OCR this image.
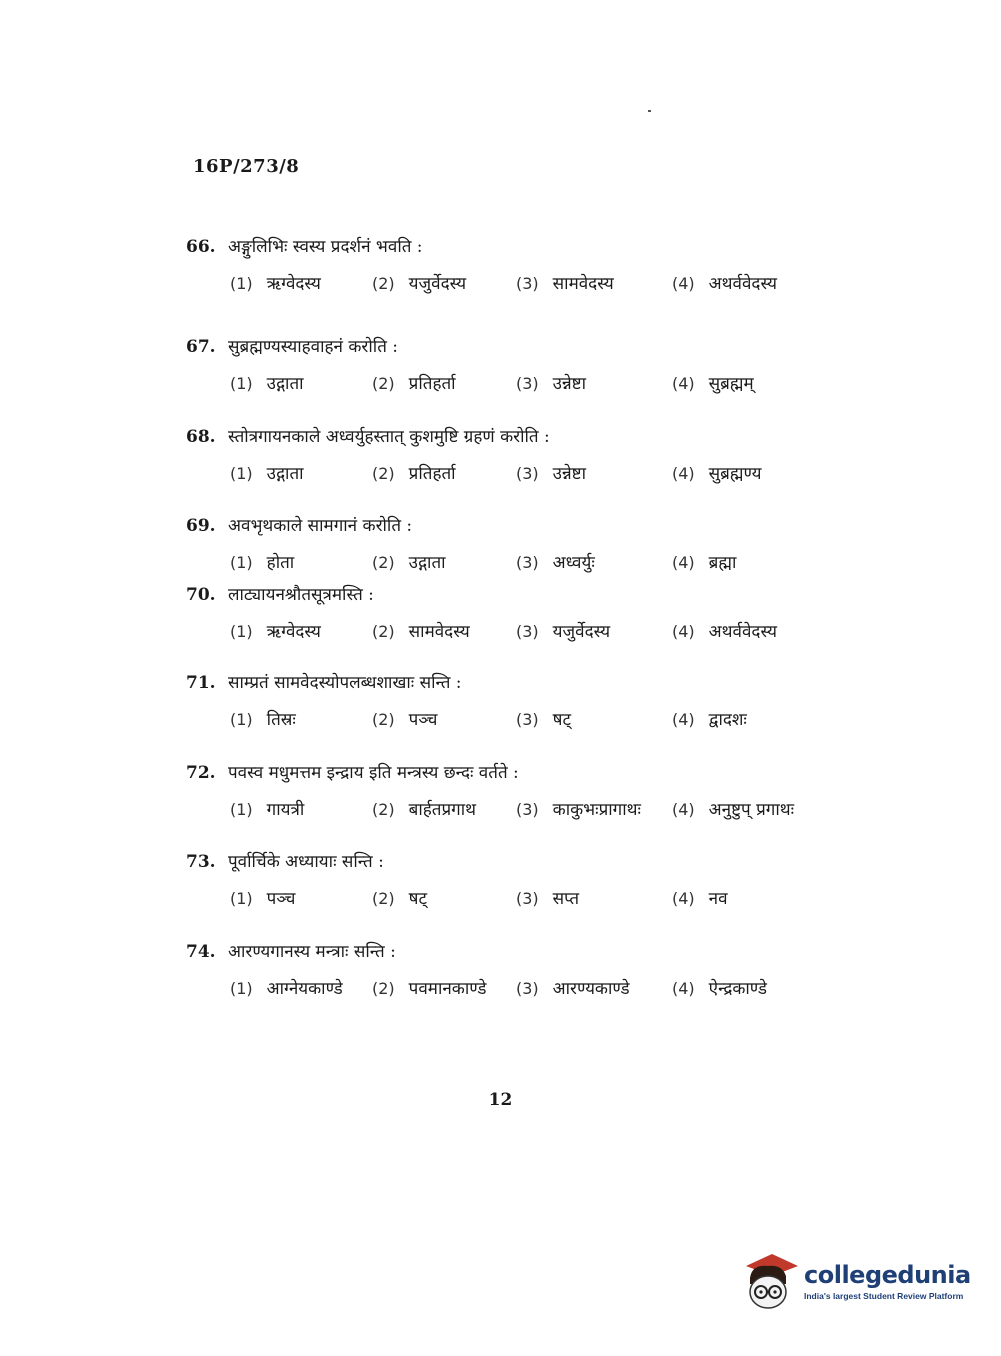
16P/273/8
66. अङ्गुलिभिः स्वस्य प्रदर्शनं भवति :
(1) ऋग्वेदस्य	(2) यजुर्वेदस्य	(3) सामवेदस्य	(4) अथर्ववेदस्य
67. सुब्रह्मण्यस्याहवाहनं करोति :
(1) उद्गाता	(2) प्रतिहर्ता	(3) उन्नेष्टा	(4) सुब्रह्मम्
68. स्तोत्रगायनकाले अध्वर्युहस्तात् कुशमुष्टि ग्रहणं करोति :
(1) उद्गाता	(2) प्रतिहर्ता	(3) उन्नेष्टा	(4) सुब्रह्मण्य
69. अवभृथकाले सामगानं करोति :
(1) होता	(2) उद्गाता	(3) अध्वर्युः	(4) ब्रह्मा
70. लाट्यायनश्रौतसूत्रमस्ति :
(1) ऋग्वेदस्य	(2) सामवेदस्य	(3) यजुर्वेदस्य	(4) अथर्ववेदस्य
71. साम्प्रतं सामवेदस्योपलब्धशाखाः सन्ति :
(1) तिस्रः	(2) पञ्च	(3) षट्	(4) द्वादशः
72. पवस्व मधुमत्तम इन्द्राय इति मन्त्रस्य छन्दः वर्तते :
(1) गायत्री	(2) बार्हतप्रगाथ (3) काकुभःप्रागाथः (4) अनुष्टुप् प्रगाथः
73. पूर्वार्चिके अध्यायाः सन्ति :
(1) पञ्च	(2) षट्	(3) सप्त	(4) नव
74. आरण्यगानस्य मन्त्राः सन्ति :
(1) आग्नेयकाण्डे (2) पवमानकाण्डे (3) आरण्यकाण्डे	(4) ऐन्द्रकाण्डे
12
collegedunia
India's largest Student Review Platform
